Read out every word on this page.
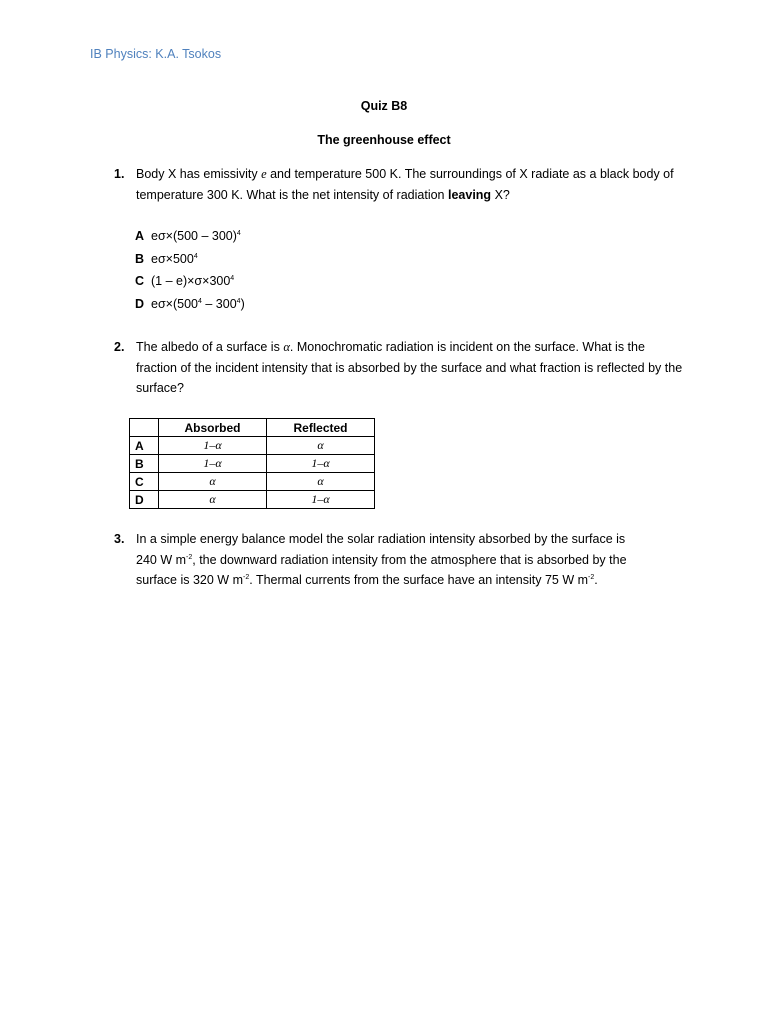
IB Physics: K.A. Tsokos
Quiz B8
The greenhouse effect
1. Body X has emissivity e and temperature 500 K. The surroundings of X radiate as a black body of
temperature 300 K. What is the net intensity of radiation leaving X?
A eσ×(500 – 300)$^4$
B $e\sigma\times 500^4$
C $(1 - e)\times\sigma\times 300^4$
D $e\sigma\times(500^4 - 300^4)$
2. The albedo of a surface is α. Monochromatic radiation is incident on the surface. What is the fraction of the incident intensity that is absorbed by the surface and what fraction is reflected by the surface?
	Absorbed	Reflected
A	1–α	α
B	1–α	1–α
C	α	α
D	α	1–α
3. In a simple energy balance model the solar radiation intensity absorbed by the surface is
240 W $m^{-2}$, the downward radiation intensity from the atmosphere that is absorbed by the
surface is 320 W $m^{-2}$. Thermal currents from the surface have an intensity 75 W $m^{-2}$.
